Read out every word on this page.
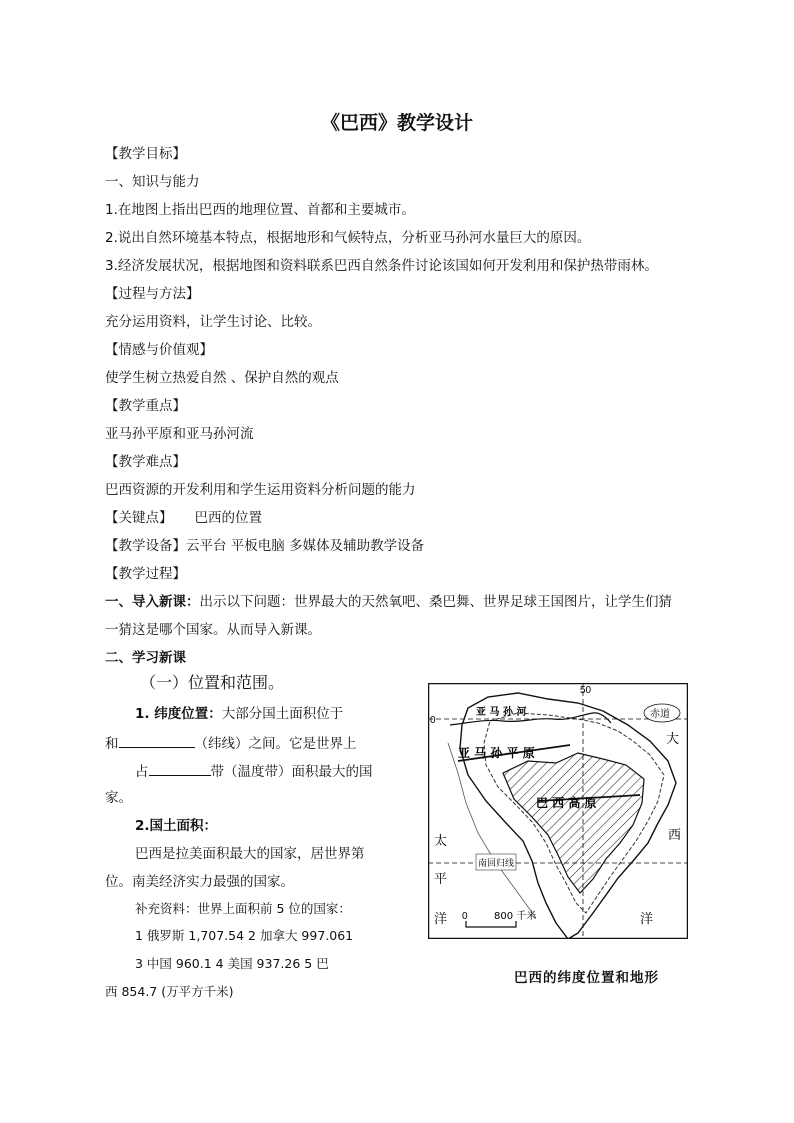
《巴西》教学设计
【教学目标】
一、知识与能力
1.在地图上指出巴西的地理位置、首都和主要城市。
2.说出自然环境基本特点，根据地形和气候特点，分析亚马孙河水量巨大的原因。
3.经济发展状况，根据地图和资料联系巴西自然条件讨论该国如何开发利用和保护热带雨林。
【过程与方法】
充分运用资料，让学生讨论、比较。
【情感与价值观】
使学生树立热爱自然 、保护自然的观点
【教学重点】
亚马孙平原和亚马孙河流
【教学难点】
巴西资源的开发利用和学生运用资料分析问题的能力
【关键点】 巴西的位置
【教学设备】云平台 平板电脑 多媒体及辅助教学设备
【教学过程】
一、导入新课：出示以下问题：世界最大的天然氧吧、桑巴舞、世界足球王国图片，让学生们猜
一猜这是哪个国家。从而导入新课。
二、学习新课
（一）位置和范围。
1. 纬度位置：大部分国土面积位于
和	（纬线）之间。它是世界上
占	带（温度带）面积最大的国
家。
2.国土面积：
巴西是拉美面积最大的国家，居世界第
位。南美经济实力最强的国家。
补充资料：世界上面积前 5 位的国家：
1 俄罗斯 1,707.54 2 加拿大 997.061
3 中国 960.1 4 美国 937.26 5 巴
西 854.7 (万平方千米)
50
0
赤道
亚 马 孙 河
亚 马 孙 平 原
巴 西 高 原
南回归线
太
平
洋
大
西
洋
0	800 千米
巴西的纬度位置和地形
